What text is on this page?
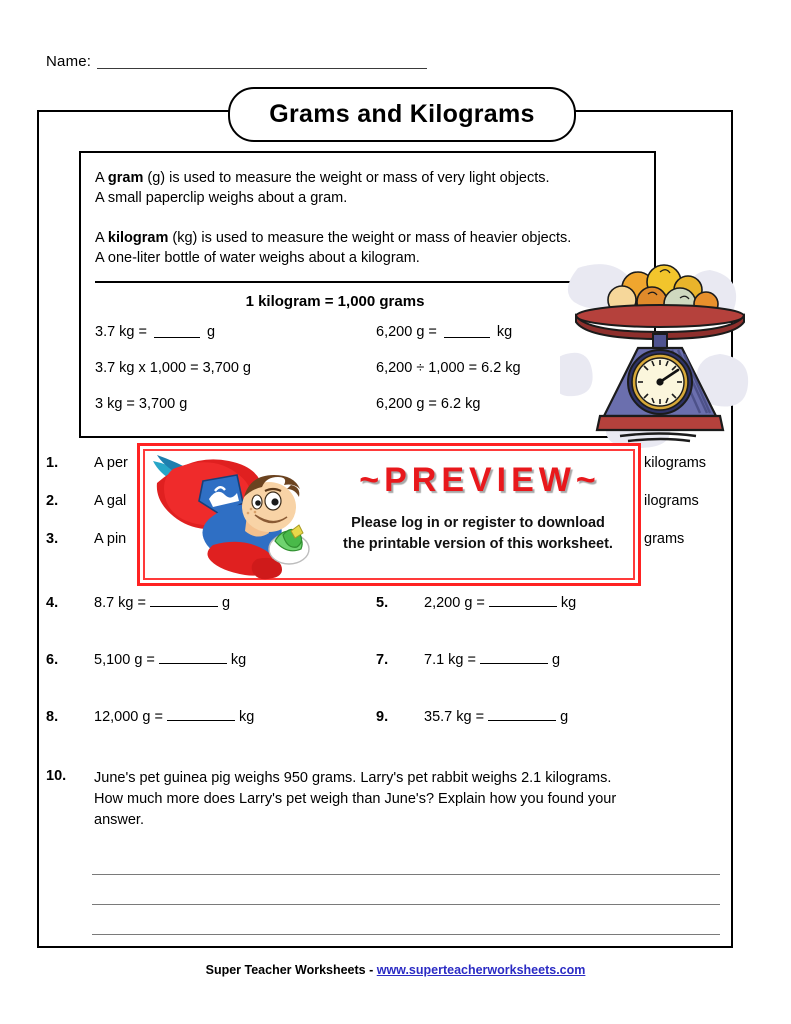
Name:
Grams and Kilograms
A gram (g) is used to measure the weight or mass of very light objects.
A small paperclip weighs about a gram.
A kilogram (kg) is used to measure the weight or mass of heavier objects.
A one-liter bottle of water weighs about a kilogram.
1 kilogram = 1,000 grams
3.7 kg =	g	6,200 g =	kg
3.7 kg x 1,000 = 3,700 g	6,200 ÷ 1,000 = 6.2 kg
3 kg = 3,700 g	6,200 g = 6.2 kg
1.	A per	kilograms
2.	A gal	ilograms
3.	A pin	grams
4.	8.7 kg =	g	5.	2,200 g =	kg
6.	5,100 g =	kg	7.	7.1 kg =	g
8.	12,000 g =	kg	9.	35.7 kg =	g
10.	June's pet guinea pig weighs 950 grams. Larry's pet rabbit weighs 2.1 kilograms.
How much more does Larry's pet weigh than June's? Explain how you found your
answer.
Super Teacher Worksheets - www.superteacherworksheets.com
~PREVIEW~
Please log in or register to download
the printable version of this worksheet.
